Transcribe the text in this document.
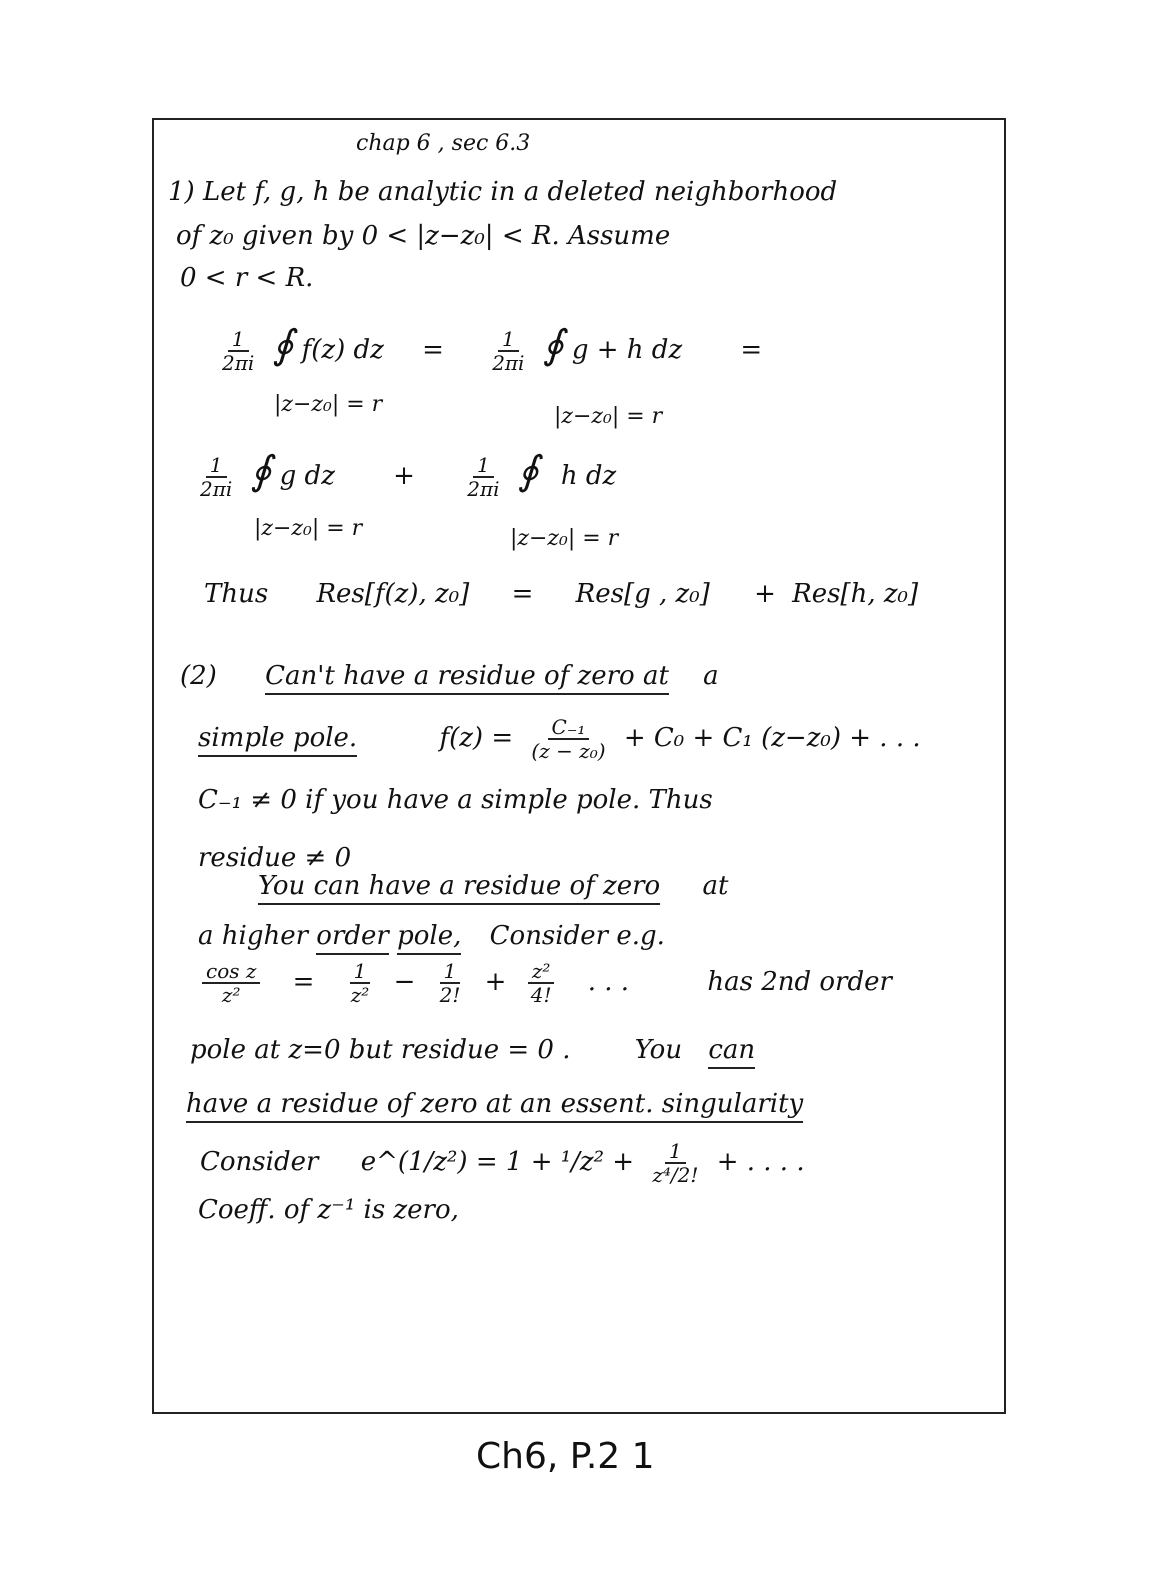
chap 6 , sec 6.3
1) Let f, g, h be analytic in a deleted neighborhood
of z₀ given by 0 < |z−z₀| < R. Assume
0 < r < R.
$\frac{1}{2\pi i}$ ∮ f(z) dz = $\frac{1}{2\pi i}$ ∮ g + h dz =
|z−z₀| = r	|z−z₀| = r
$\frac{1}{2\pi i}$ ∮ g dz + $\frac{1}{2\pi i}$ ∮ h dz
|z−z₀| = r	|z−z₀| = r
Thus Res[f(z), z₀] = Res[g , z₀] + Res[h, z₀]
(2) Can't have a residue of zero at a
simple pole.	$f(z) = \frac{\text{C₋₁}}{\text{(z − z₀)}} + C_0 + C_1$ (z−z₀) + . . .
C₋₁ ≠ 0 if you have a simple pole. Thus
residue ≠ 0
You can have a residue of zero at
a higher order pole, Consider e.g.
$\frac{\text{cos z}}{\text{z²}} = \frac{1}{\text{z²}} - \frac{1}{2!} + \frac{\text{z²}}{4!}$ . . .	has 2nd order
pole at z=0 but residue = 0 . You can
have a residue of zero at an essent. singularity
Consider e^(1/z²) = $1 + ^1/z^2 + \frac{1}{\text{z⁴/2!}}$ + . . . .
Coeff. of z⁻¹ is zero,
Ch6, P.2 1
